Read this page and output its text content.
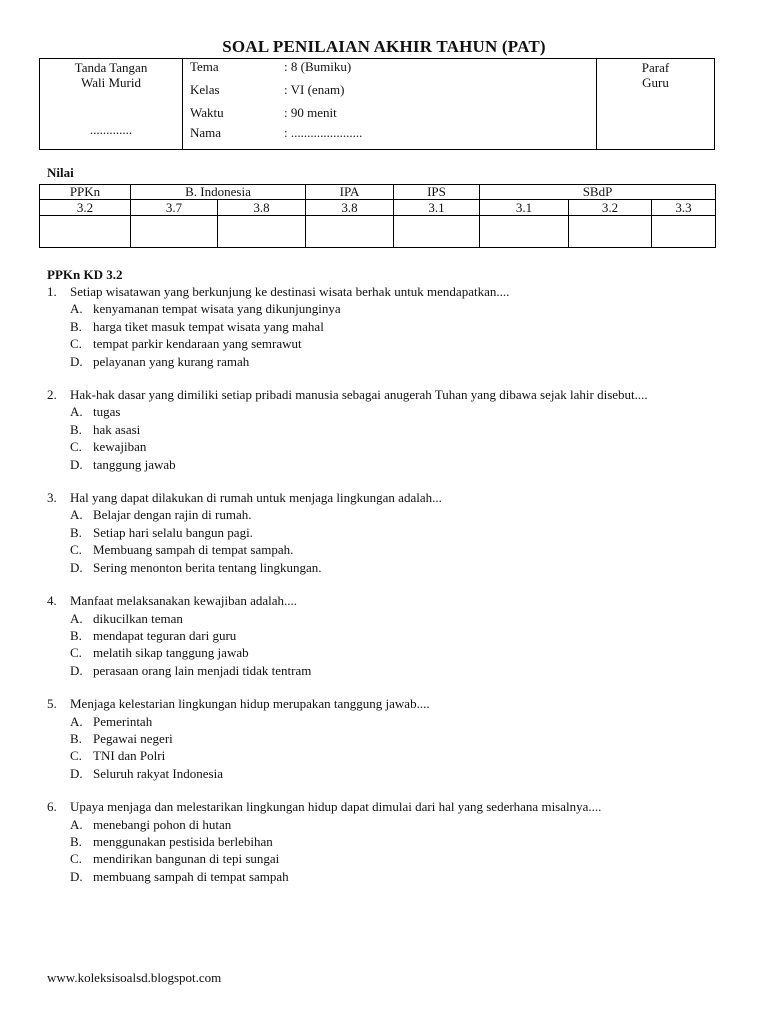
SOAL PENILAIAN AKHIR TAHUN (PAT)
Tanda Tangan
Wali Murid
.............
Tema	: 8 (Bumiku)
Kelas	: VI (enam)
Waktu	: 90 menit
Nama	: ......................
Paraf
Guru
Nilai
PPKn	B. Indonesia		IPA	IPS	SBdP		
3.2	3.7	3.8	3.8	3.1	3.1	3.2	3.3

PPKn KD 3.2
1. Setiap wisatawan yang berkunjung ke destinasi wisata berhak untuk mendapatkan....
A. kenyamanan tempat wisata yang dikunjunginya
B. harga tiket masuk tempat wisata yang mahal
C. tempat parkir kendaraan yang semrawut
D. pelayanan yang kurang ramah
2. Hak-hak dasar yang dimiliki setiap pribadi manusia sebagai anugerah Tuhan yang dibawa sejak lahir disebut....
A. tugas
B. hak asasi
C. kewajiban
D. tanggung jawab
3. Hal yang dapat dilakukan di rumah untuk menjaga lingkungan adalah...
A. Belajar dengan rajin di rumah.
B. Setiap hari selalu bangun pagi.
C. Membuang sampah di tempat sampah.
D. Sering menonton berita tentang lingkungan.
4. Manfaat melaksanakan kewajiban adalah....
A. dikucilkan teman
B. mendapat teguran dari guru
C. melatih sikap tanggung jawab
D. perasaan orang lain menjadi tidak tentram
5. Menjaga kelestarian lingkungan hidup merupakan tanggung jawab....
A. Pemerintah
B. Pegawai negeri
C. TNI dan Polri
D. Seluruh rakyat Indonesia
6. Upaya menjaga dan melestarikan lingkungan hidup dapat dimulai dari hal yang sederhana misalnya....
A. menebangi pohon di hutan
B. menggunakan pestisida berlebihan
C. mendirikan bangunan di tepi sungai
D. membuang sampah di tempat sampah
www.koleksisoalsd.blogspot.com
